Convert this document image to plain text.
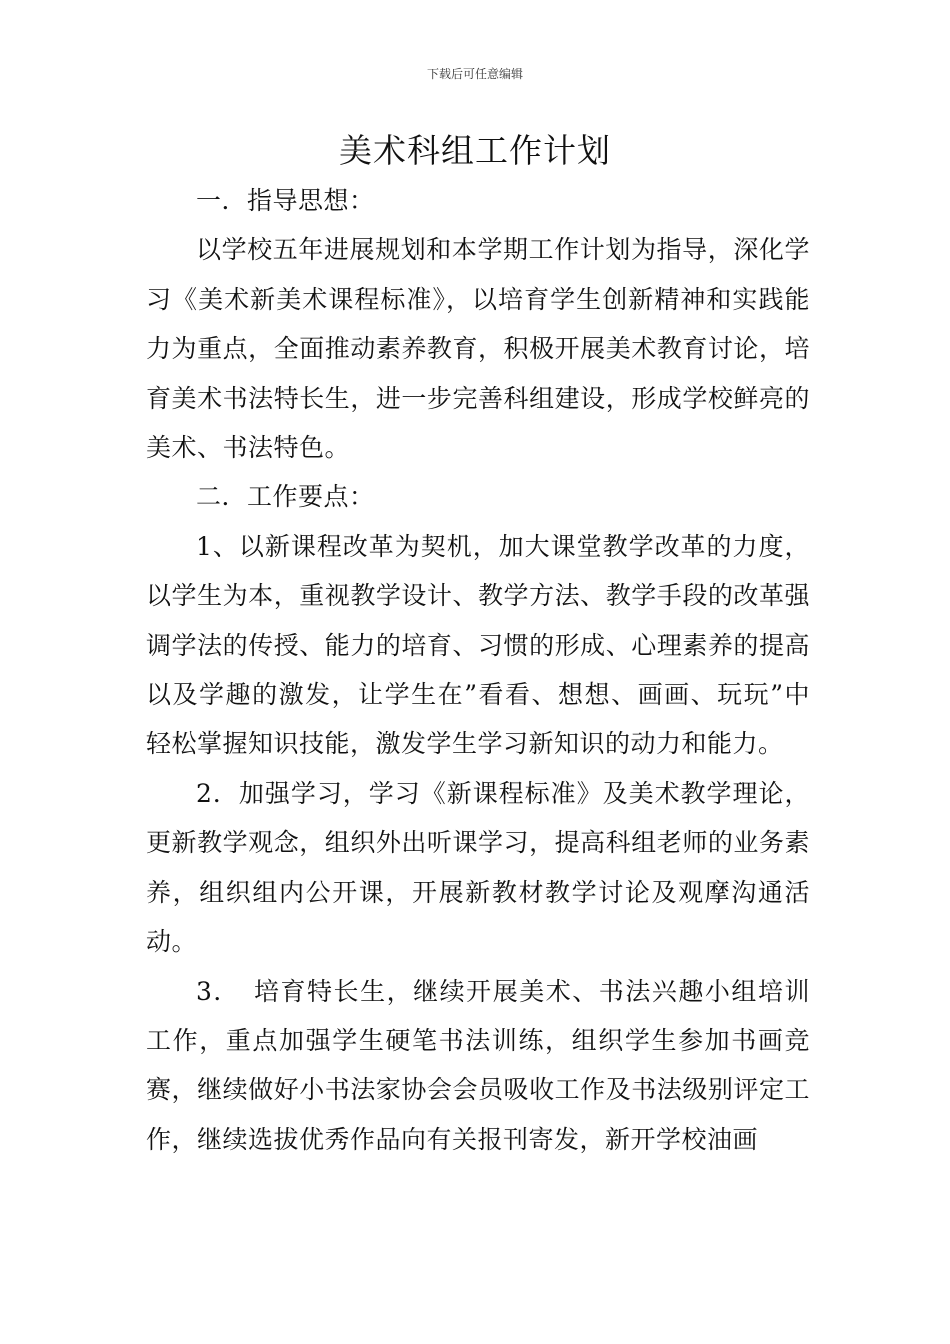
下载后可任意编辑
美术科组工作计划

一．指导思想：

以学校五年进展规划和本学期工作计划为指导，深化学习《美术新美术课程标准》，以培育学生创新精神和实践能力为重点，全面推动素养教育，积极开展美术教育讨论，培育美术书法特长生，进一步完善科组建设，形成学校鲜亮的美术、书法特色。

二．工作要点：

1、以新课程改革为契机，加大课堂教学改革的力度，以学生为本，重视教学设计、教学方法、教学手段的改革强调学法的传授、能力的培育、习惯的形成、心理素养的提高以及学趣的激发，让学生在”看看、想想、画画、玩玩”中轻松掌握知识技能，激发学生学习新知识的动力和能力。

2．加强学习，学习《新课程标准》及美术教学理论，更新教学观念，组织外出听课学习，提高科组老师的业务素养，组织组内公开课，开展新教材教学讨论及观摩沟通活动。

3．　培育特长生，继续开展美术、书法兴趣小组培训工作，重点加强学生硬笔书法训练，组织学生参加书画竞赛，继续做好小书法家协会会员吸收工作及书法级别评定工作，继续选拔优秀作品向有关报刊寄发，新开学校油画
